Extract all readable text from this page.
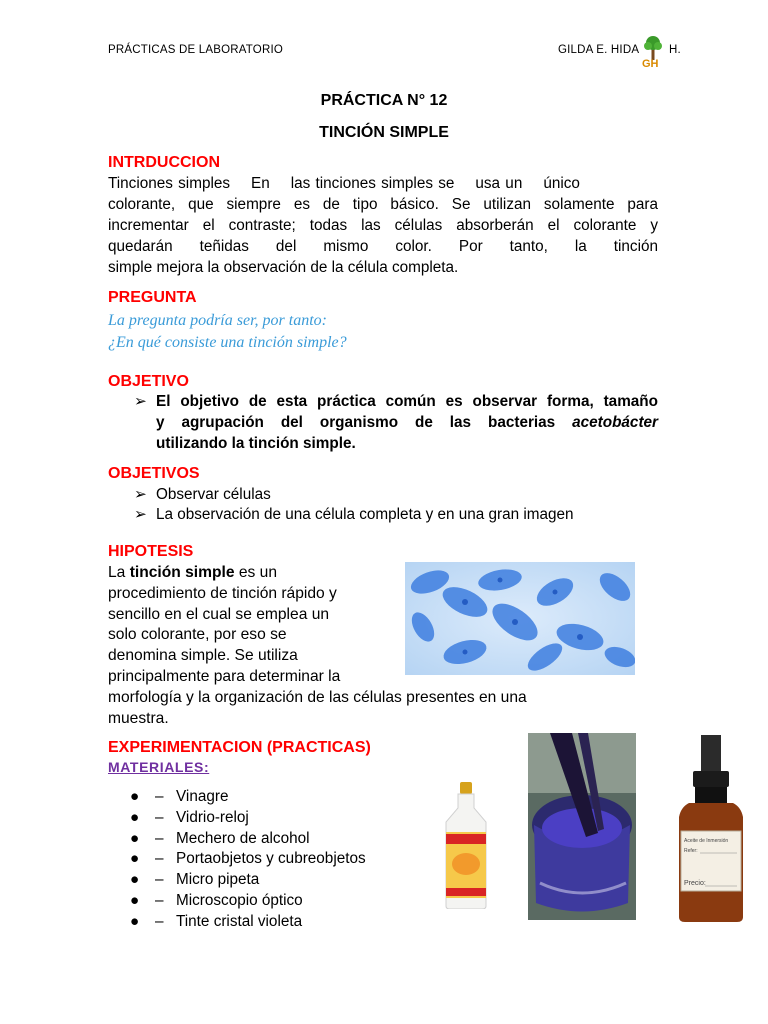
PRÁCTICAS DE LABORATORIO	GILDA E. HIDA
GH
H.
PRÁCTICA N° 12
TINCIÓN SIMPLE
INTRDUCCION
Tinciones simples    En    las tinciones simples se    usa un    único
colorante, que siempre es de tipo básico. Se utilizan solamente para
incrementar el contraste; todas las células absorberán el colorante y
quedarán teñidas del mismo color. Por tanto, la tinción
simple mejora la observación de la célula completa.
PREGUNTA
La pregunta podría ser, por tanto:
¿En qué consiste una tinción simple?
OBJETIVO
➢ El objetivo de esta práctica común es observar forma, tamaño
y agrupación del organismo de las bacterias acetobácter
utilizando la tinción simple.
OBJETIVOS
➢ Observar células
➢ La observación de una célula completa y en una gran imagen
HIPOTESIS
La tinción simple es un
procedimiento de tinción rápido y
sencillo en el cual se emplea un
solo colorante, por eso se
denomina simple. Se utiliza
principalmente para determinar la
morfología y la organización de las células presentes en una
muestra.
EXPERIMENTACION (PRACTICAS)
MATERIALES:
●	– Vinagre
●	– Vidrio-reloj
●	– Mechero de alcohol
●	– Portaobjetos y cubreobjetos
●	– Micro pipeta
●	– Microscopio óptico
●	– Tinte cristal violeta
Aceite de Inmersión
Refer:
Precio:
